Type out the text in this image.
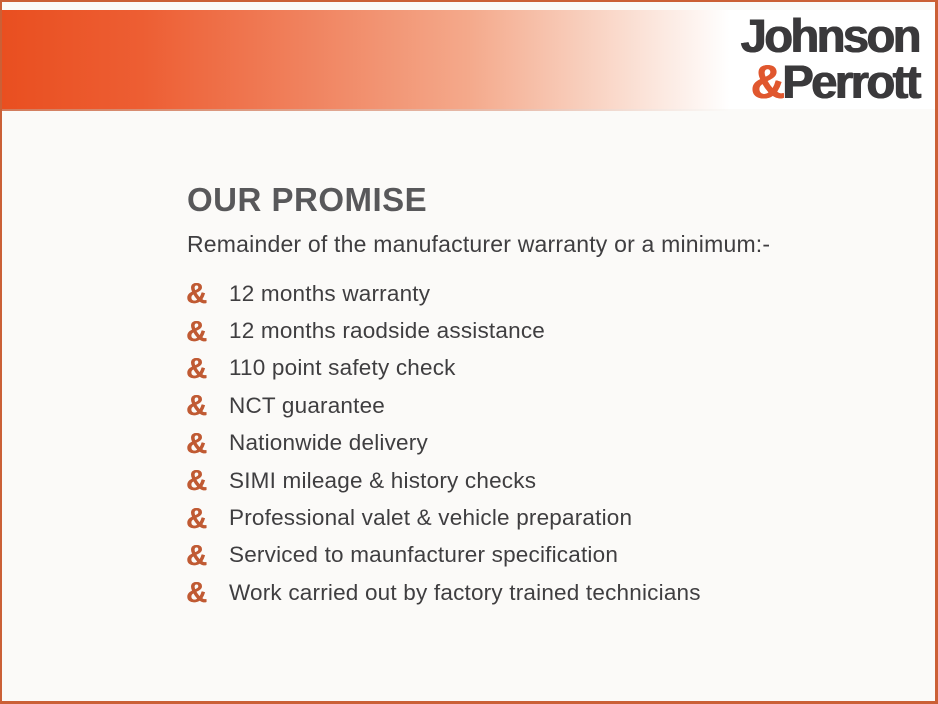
Johnson
&Perrott
OUR PROMISE

Remainder of the manufacturer warranty or a minimum:-

& 12 months warranty
& 12 months raodside assistance
& 110 point safety check
& NCT guarantee
& Nationwide delivery
& SIMI mileage & history checks
& Professional valet & vehicle preparation
& Serviced to maunfacturer specification
& Work carried out by factory trained technicians
